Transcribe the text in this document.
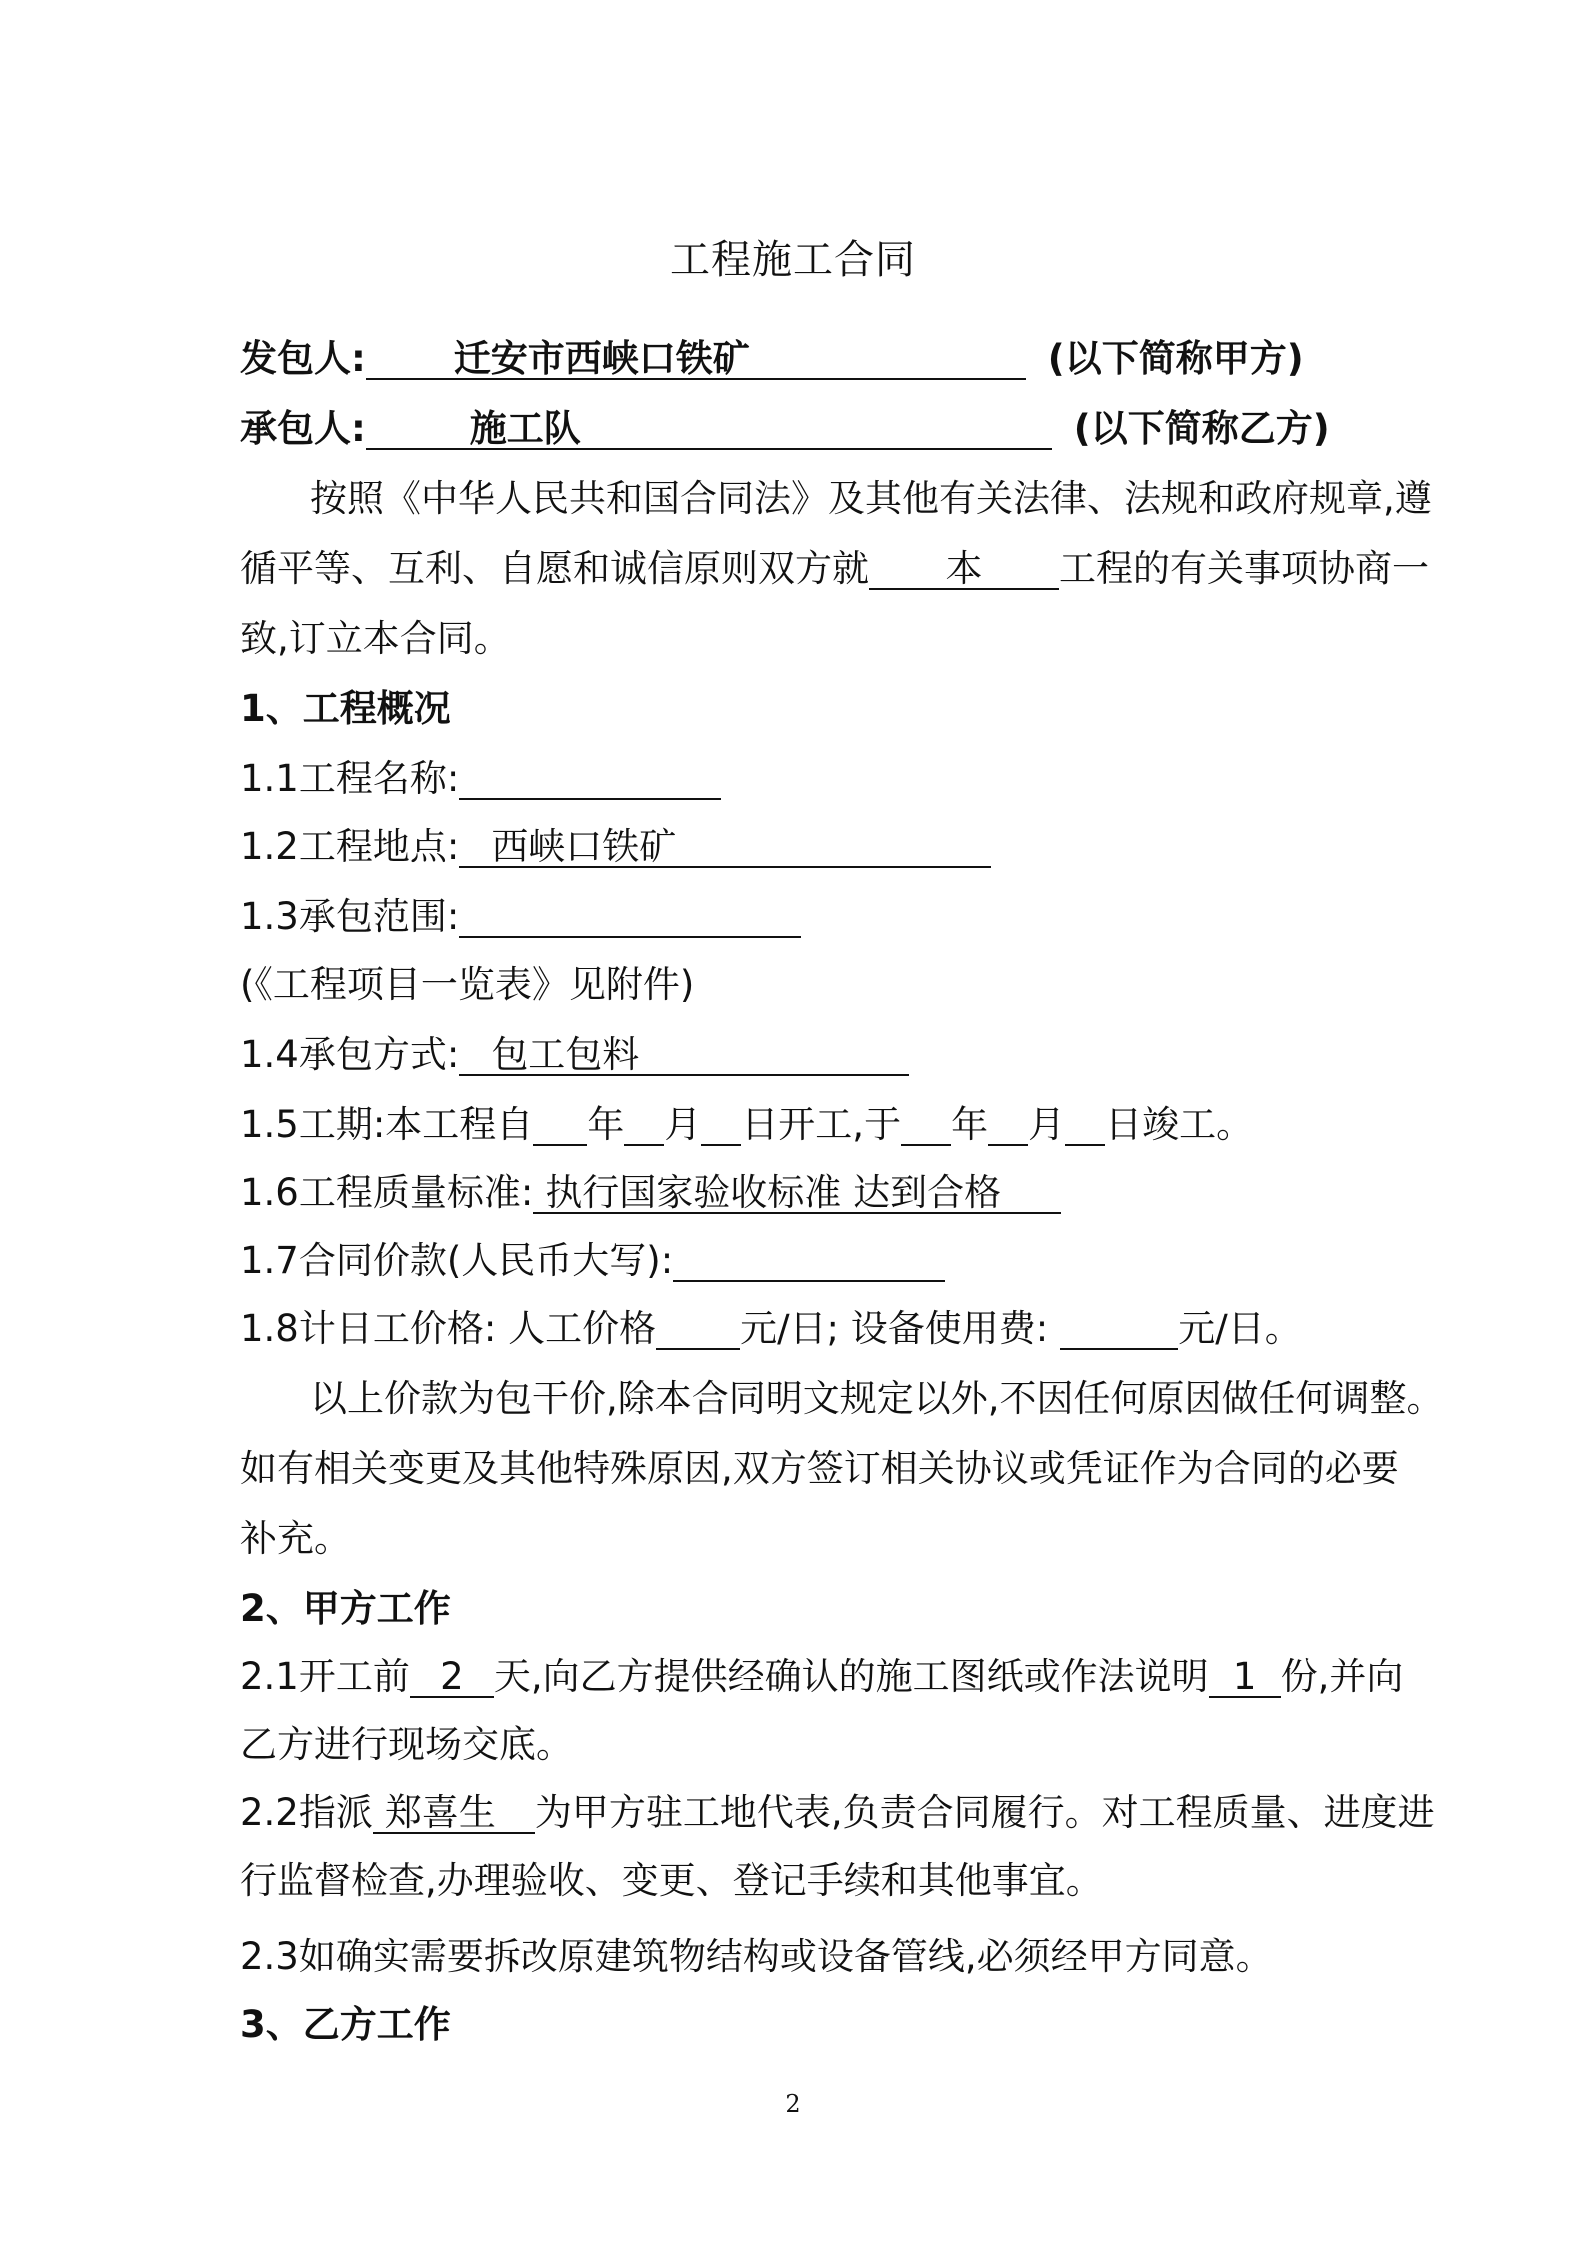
工程施工合同
发包人: 迁安市西峡口铁矿	(以下简称甲方)
承包人:	施工队	(以下简称乙方)
按照《中华人民共和国合同法》及其他有关法律、法规和政府规章,遵
循平等、互利、自愿和诚信原则双方就 本 工程的有关事项协商一
致,订立本合同。
1、工程概况
1.1工程名称:
1.2工程地点: 西峡口铁矿
1.3承包范围:
(《工程项目一览表》见附件)
1.4承包方式: 包工包料
1.5工期:本工程自 年 月 日开工,于 年 月 日竣工。
1.6工程质量标准: 执行国家验收标准 达到合格
1.7合同价款(人民币大写):
1.8计日工价格: 人工价格 元/日; 设备使用费:	元/日。
以上价款为包干价,除本合同明文规定以外,不因任何原因做任何调整。
如有相关变更及其他特殊原因,双方签订相关协议或凭证作为合同的必要
补充。
2、甲方工作
2.1开工前 2 天,向乙方提供经确认的施工图纸或作法说明 1 份,并向
乙方进行现场交底。
2.2指派 郑喜生 为甲方驻工地代表,负责合同履行。对工程质量、进度进
行监督检查,办理验收、变更、登记手续和其他事宜。
2.3如确实需要拆改原建筑物结构或设备管线,必须经甲方同意。
3、乙方工作
2
